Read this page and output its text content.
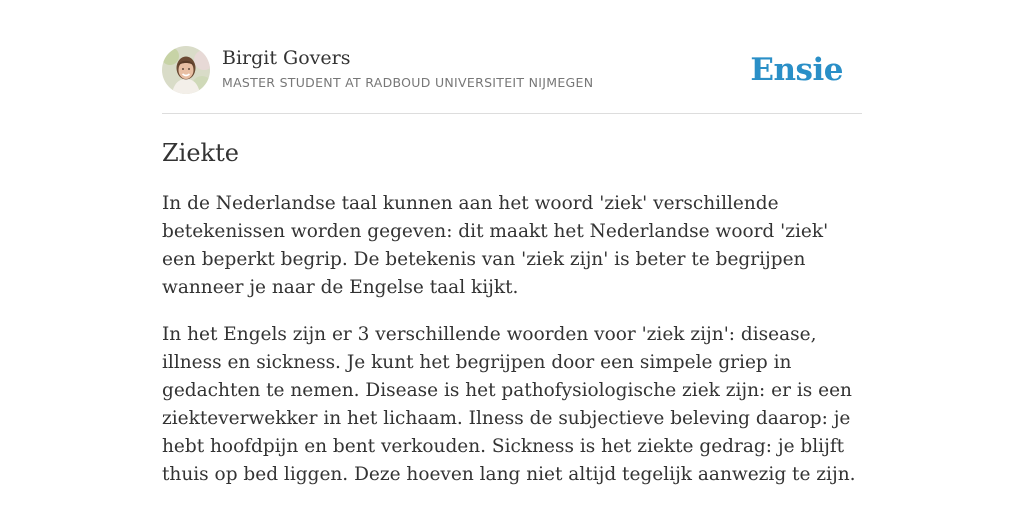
Birgit Govers
MASTER STUDENT AT RADBOUD UNIVERSITEIT NIJMEGEN	Ensie
Ziekte

In de Nederlandse taal kunnen aan het woord 'ziek' verschillende betekenissen worden gegeven: dit maakt het Nederlandse woord 'ziek' een beperkt begrip. De betekenis van 'ziek zijn' is beter te begrijpen wanneer je naar de Engelse taal kijkt.

In het Engels zijn er 3 verschillende woorden voor 'ziek zijn': disease, illness en sickness. Je kunt het begrijpen door een simpele griep in gedachten te nemen. Disease is het pathofysiologische ziek zijn: er is een ziekteverwekker in het lichaam. Ilness de subjectieve beleving daarop: je hebt hoofdpijn en bent verkouden. Sickness is het ziekte gedrag: je blijft thuis op bed liggen. Deze hoeven lang niet altijd tegelijk aanwezig te zijn.
